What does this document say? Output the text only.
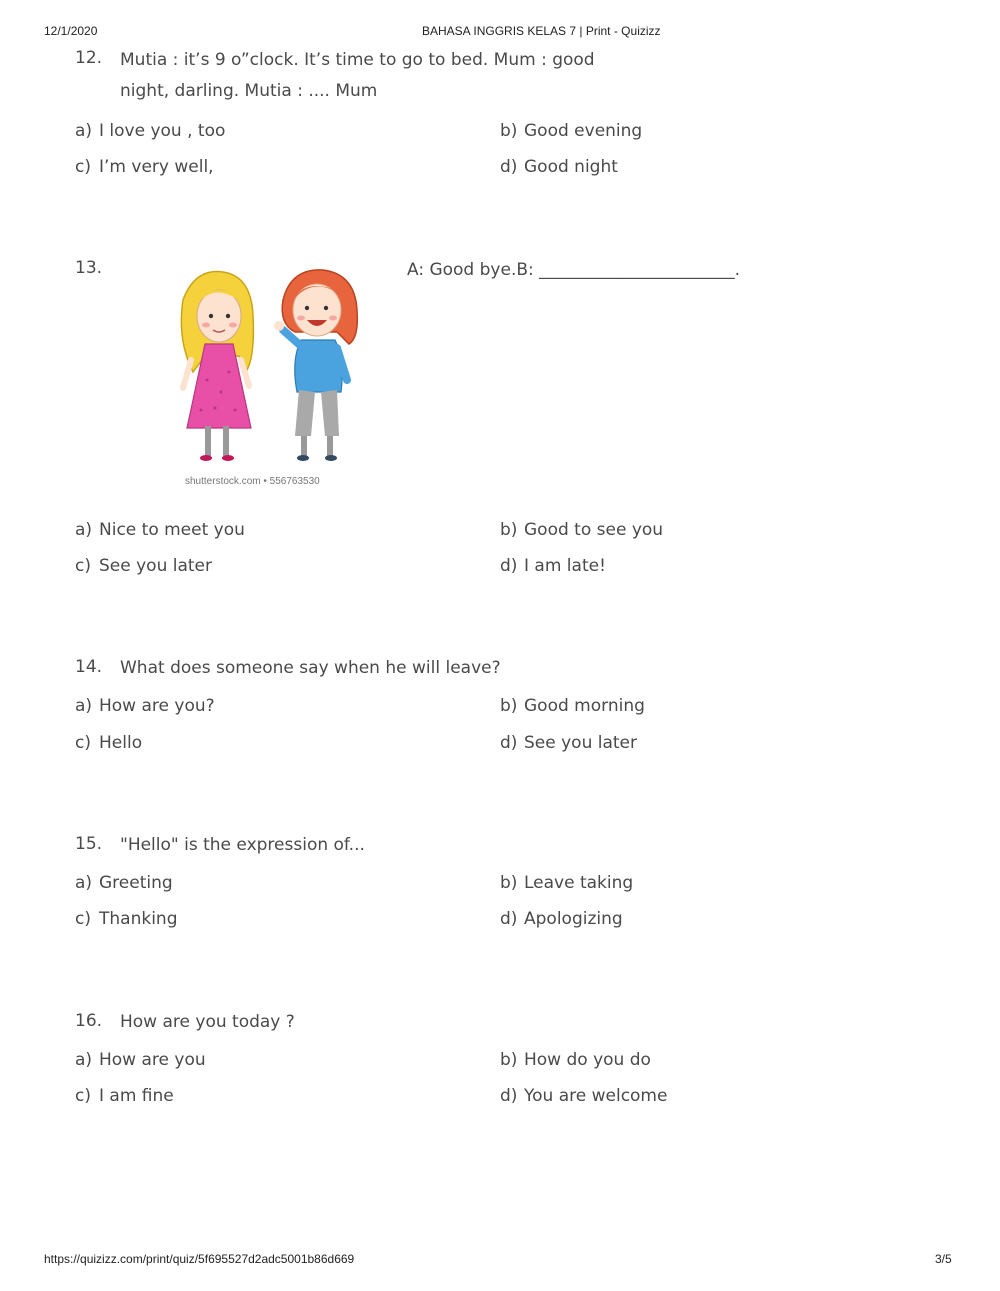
12/1/2020	BAHASA INGGRIS KELAS 7 | Print - Quizizz
12. Mutia : it’s 9 o”clock. It’s time to go to bed. Mum : good night, darling. Mutia : .... Mum
a) I love you , too	b) Good evening
c) I’m very well,	d) Good night
13.	A: Good bye.B: _______________________.
shutterstock.com • 556763530
a) Nice to meet you	b) Good to see you
c) See you later	d) I am late!
14. What does someone say when he will leave?
a) How are you?	b) Good morning
c) Hello	d) See you later
15. "Hello" is the expression of...
a) Greeting	b) Leave taking
c) Thanking	d) Apologizing
16. How are you today ?
a) How are you	b) How do you do
c) I am fine	d) You are welcome
https://quizizz.com/print/quiz/5f695527d2adc5001b86d669	3/5
